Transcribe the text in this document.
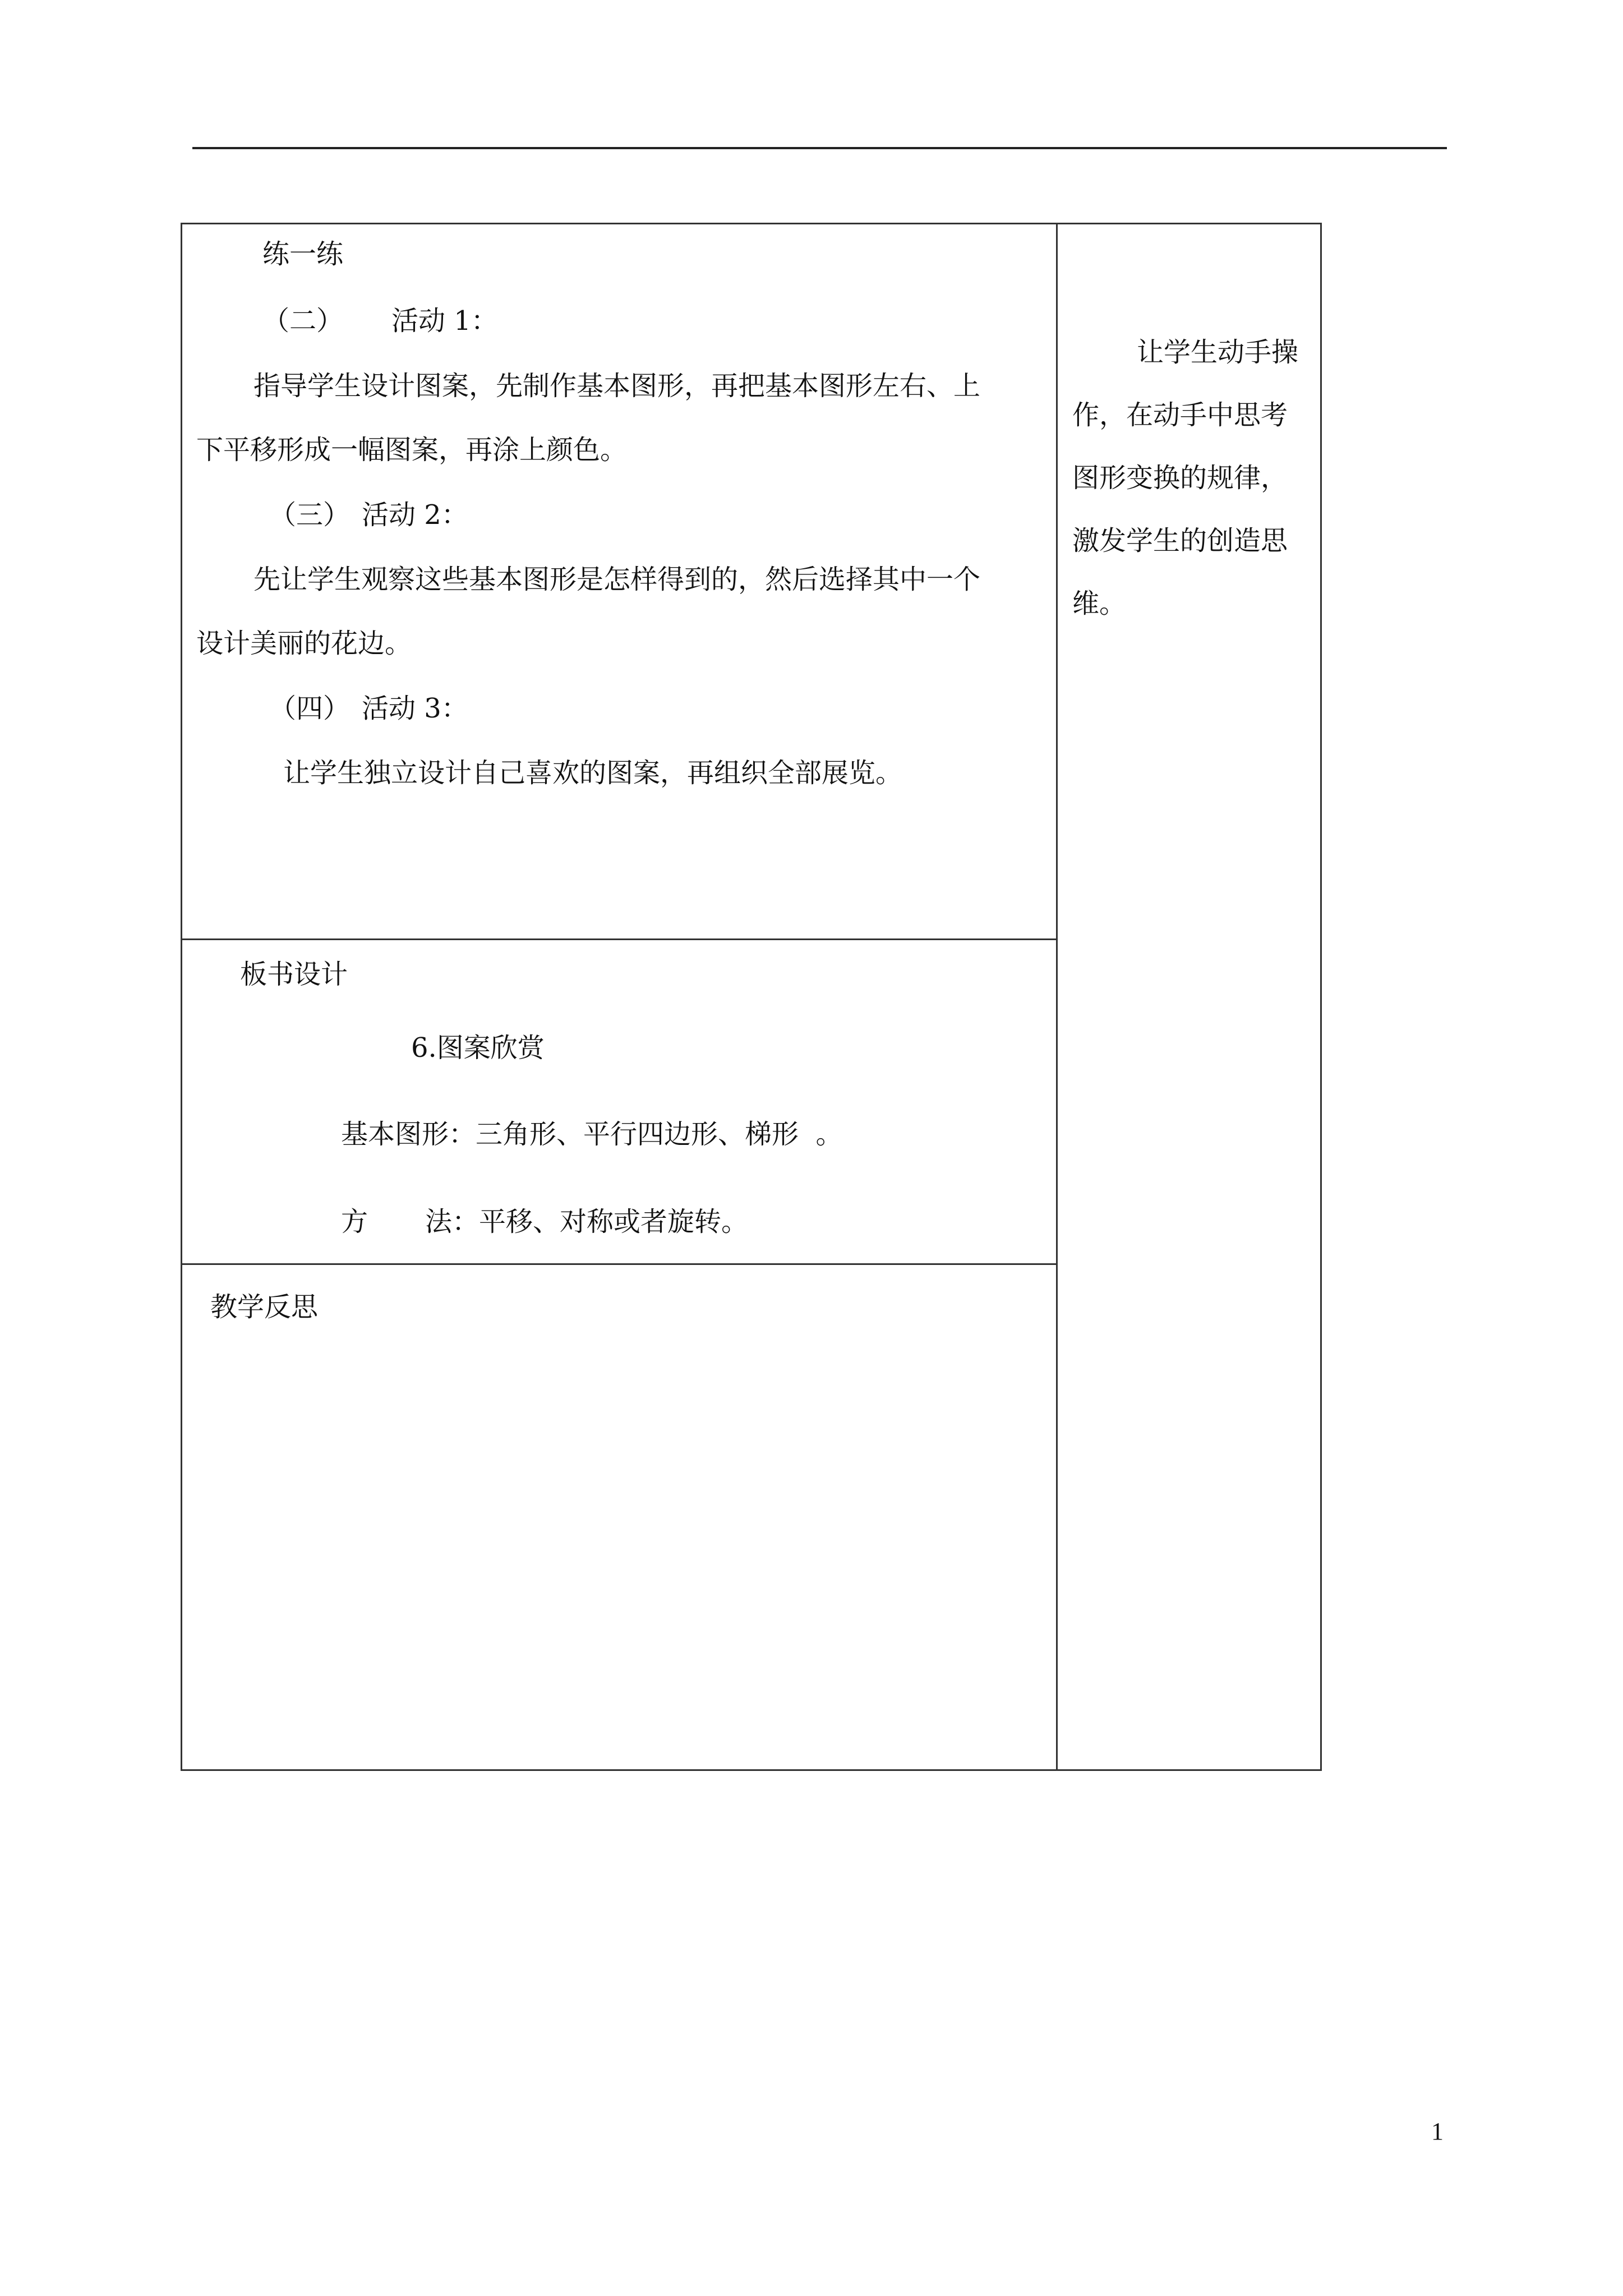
练一练

（二） 活动 1：

指导学生设计图案，先制作基本图形，再把基本图形左右、上

下平移形成一幅图案，再涂上颜色。

（三） 活动 2：

先让学生观察这些基本图形是怎样得到的，然后选择其中一个

设计美丽的花边。

（四） 活动 3：

让学生独立设计自己喜欢的图案，再组织全部展览。

让学生动手操
作，在动手中思考
图形变换的规律，
激发学生的创造思
维。

板书设计

6.图案欣赏

基本图形：三角形、平行四边形、梯形  。

方 法：平移、对称或者旋转。

教学反思

1
